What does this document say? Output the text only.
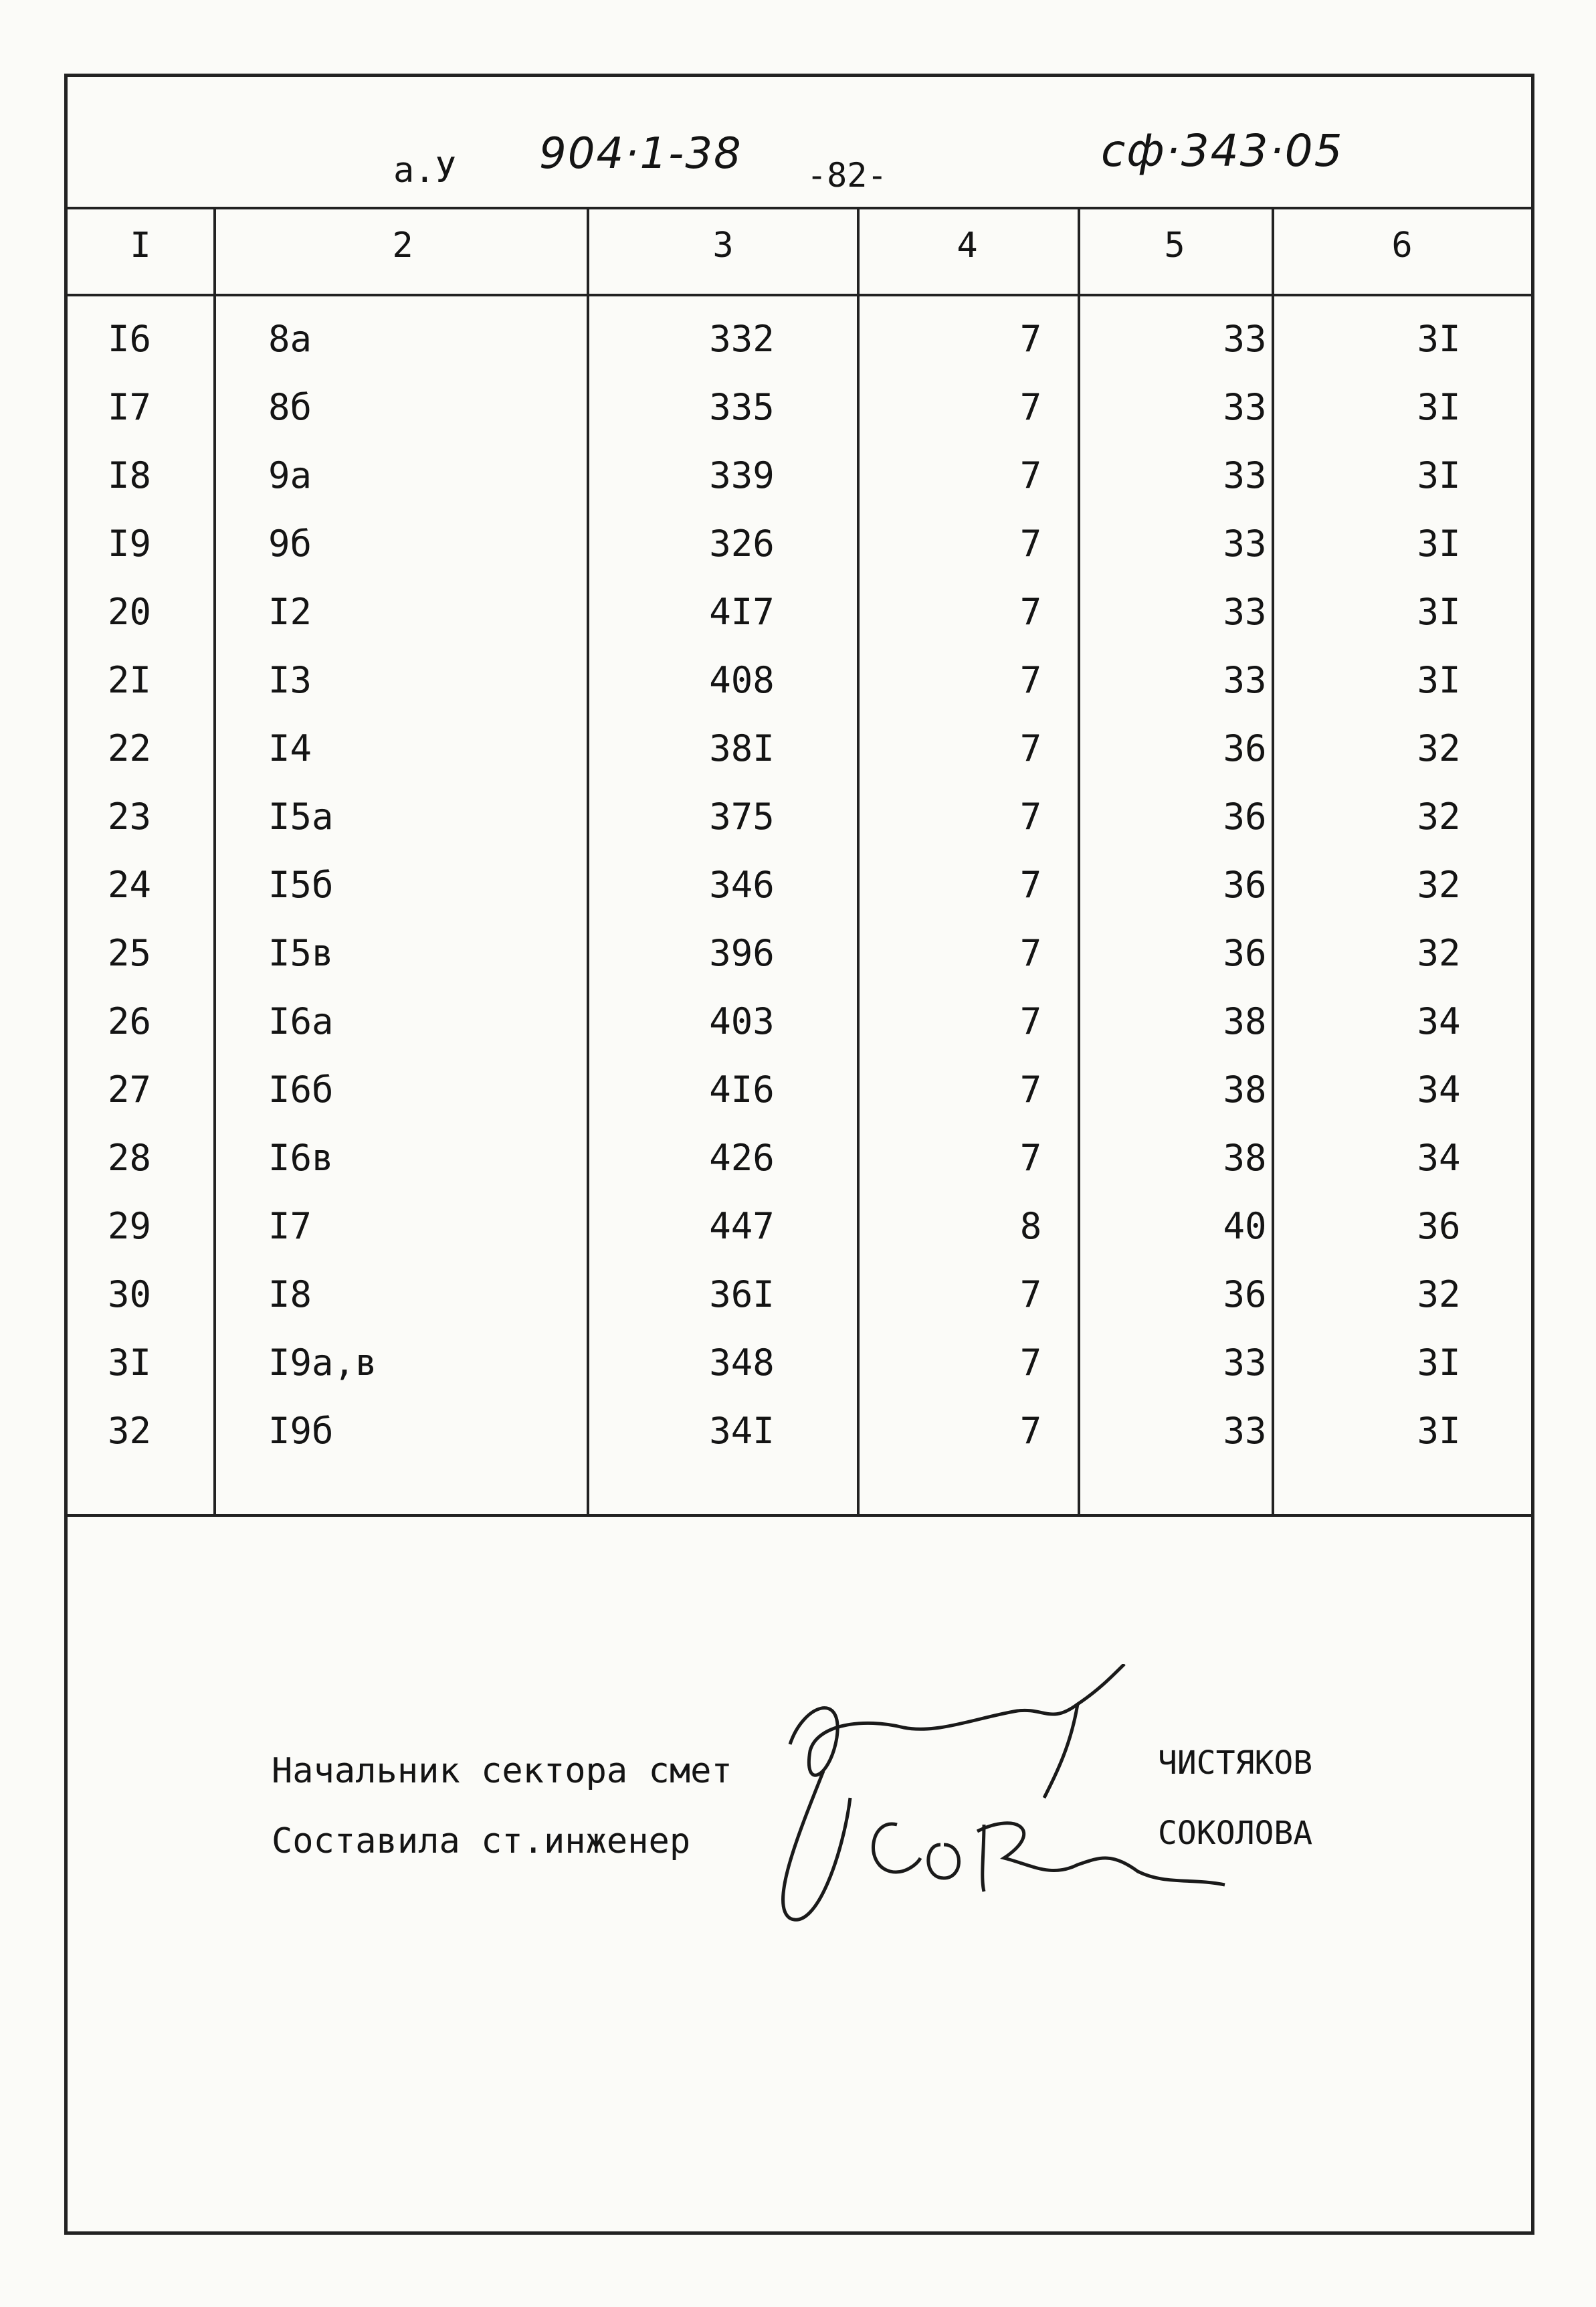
а.У 904·1-38 -82-	сф·343·05
I	2	3	4	5	6
I6	8а	332	7	33	3I
I7	8б	335	7	33	3I
I8	9а	339	7	33	3I
I9	9б	326	7	33	3I
20	I2	4I7	7	33	3I
2I	I3	408	7	33	3I
22	I4	38I	7	36	32
23	I5а	375	7	36	32
24	I5б	346	7	36	32
25	I5в	396	7	36	32
26	I6а	403	7	38	34
27	I6б	4I6	7	38	34
28	I6в	426	7	38	34
29	I7	447	8	40	36
30	I8	36I	7	36	32
3I	I9а,в	348	7	33	3I
32	I9б	34I	7	33	3I
Начальник сектора смет
Составила ст.инженер
ЧИСТЯКОВ
СОКОЛОВА
